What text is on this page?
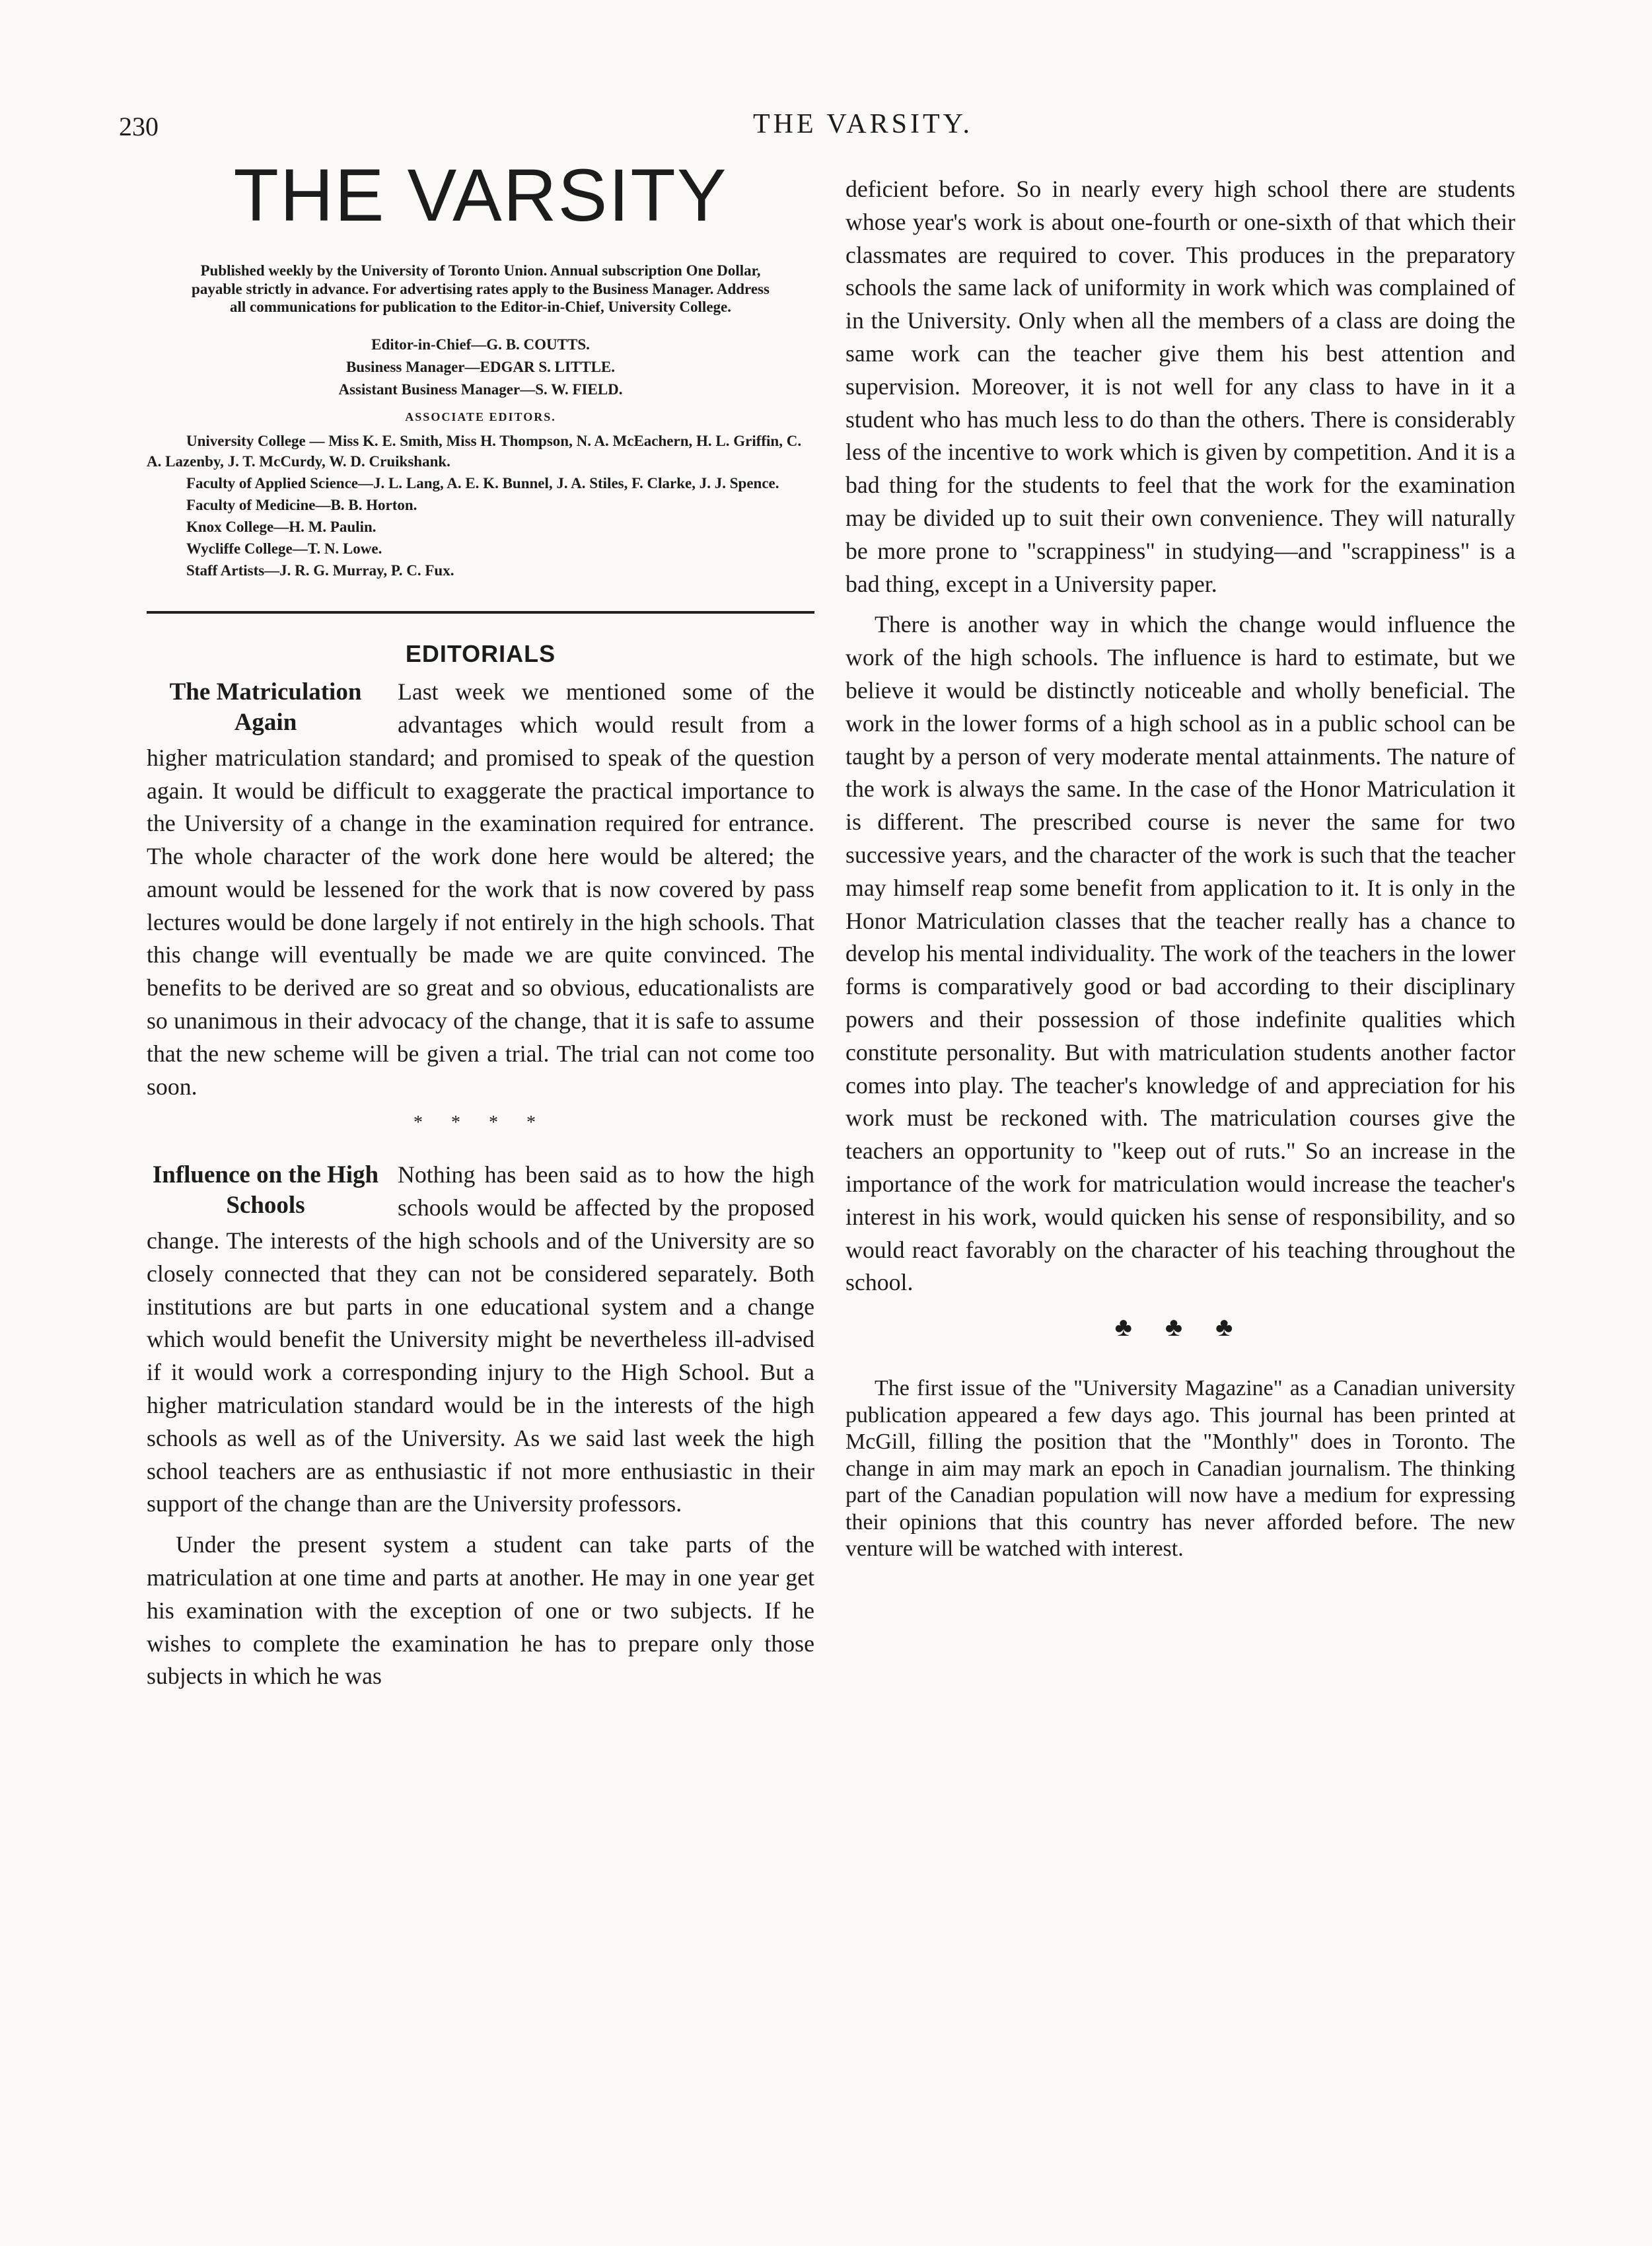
230	THE VARSITY.
THE VARSITY
Published weekly by the University of Toronto Union. Annual subscription One Dollar, payable strictly in advance. For advertising rates apply to the Business Manager. Address all communications for publication to the Editor-in-Chief, University College.
Editor-in-Chief—G. B. COUTTS.
Business Manager—EDGAR S. LITTLE.
Assistant Business Manager—S. W. FIELD.
ASSOCIATE EDITORS.
University College — Miss K. E. Smith, Miss H. Thompson, N. A. McEachern, H. L. Griffin, C. A. Lazenby, J. T. McCurdy, W. D. Cruikshank.
Faculty of Applied Science—J. L. Lang, A. E. K. Bunnel, J. A. Stiles, F. Clarke, J. J. Spence.
Faculty of Medicine—B. B. Horton.
Knox College—H. M. Paulin.
Wycliffe College—T. N. Lowe.
Staff Artists—J. R. G. Murray, P. C. Fux.
EDITORIALS
The Matriculation Again

Last week we mentioned some of the advantages which would result from a higher matriculation standard; and promised to speak of the question again. It would be difficult to exaggerate the practical importance to the University of a change in the examination required for entrance. The whole character of the work done here would be altered; the amount would be lessened for the work that is now covered by pass lectures would be done largely if not entirely in the high schools. That this change will eventually be made we are quite convinced. The benefits to be derived are so great and so obvious, educationalists are so unanimous in their advocacy of the change, that it is safe to assume that the new scheme will be given a trial. The trial can not come too soon.

* * * *
Influence on the High Schools

Nothing has been said as to how the high schools would be affected by the proposed change. The interests of the high schools and of the University are so closely connected that they can not be considered separately. Both institutions are but parts in one educational system and a change which would benefit the University might be nevertheless ill-advised if it would work a corresponding injury to the High School. But a higher matriculation standard would be in the interests of the high schools as well as of the University. As we said last week the high school teachers are as enthusiastic if not more enthusiastic in their support of the change than are the University professors.

Under the present system a student can take parts of the matriculation at one time and parts at another. He may in one year get his examination with the exception of one or two subjects. If he wishes to complete the examination he has to prepare only those subjects in which he was

deficient before. So in nearly every high school there are students whose year's work is about one-fourth or one-sixth of that which their classmates are required to cover. This produces in the preparatory schools the same lack of uniformity in work which was complained of in the University. Only when all the members of a class are doing the same work can the teacher give them his best attention and supervision. Moreover, it is not well for any class to have in it a student who has much less to do than the others. There is considerably less of the incentive to work which is given by competition. And it is a bad thing for the students to feel that the work for the examination may be divided up to suit their own convenience. They will naturally be more prone to "scrappiness" in studying—and "scrappiness" is a bad thing, except in a University paper.

There is another way in which the change would influence the work of the high schools. The influence is hard to estimate, but we believe it would be distinctly noticeable and wholly beneficial. The work in the lower forms of a high school as in a public school can be taught by a person of very moderate mental attainments. The nature of the work is always the same. In the case of the Honor Matriculation it is different. The prescribed course is never the same for two successive years, and the character of the work is such that the teacher may himself reap some benefit from application to it. It is only in the Honor Matriculation classes that the teacher really has a chance to develop his mental individuality. The work of the teachers in the lower forms is comparatively good or bad according to their disciplinary powers and their possession of those indefinite qualities which constitute personality. But with matriculation students another factor comes into play. The teacher's knowledge of and appreciation for his work must be reckoned with. The matriculation courses give the teachers an opportunity to "keep out of ruts." So an increase in the importance of the work for matriculation would increase the teacher's interest in his work, would quicken his sense of responsibility, and so would react favorably on the character of his teaching throughout the school.

♣ ♣ ♣

The first issue of the "University Magazine" as a Canadian university publication appeared a few days ago. This journal has been printed at McGill, filling the position that the "Monthly" does in Toronto. The change in aim may mark an epoch in Canadian journalism. The thinking part of the Canadian population will now have a medium for expressing their opinions that this country has never afforded before. The new venture will be watched with interest.
